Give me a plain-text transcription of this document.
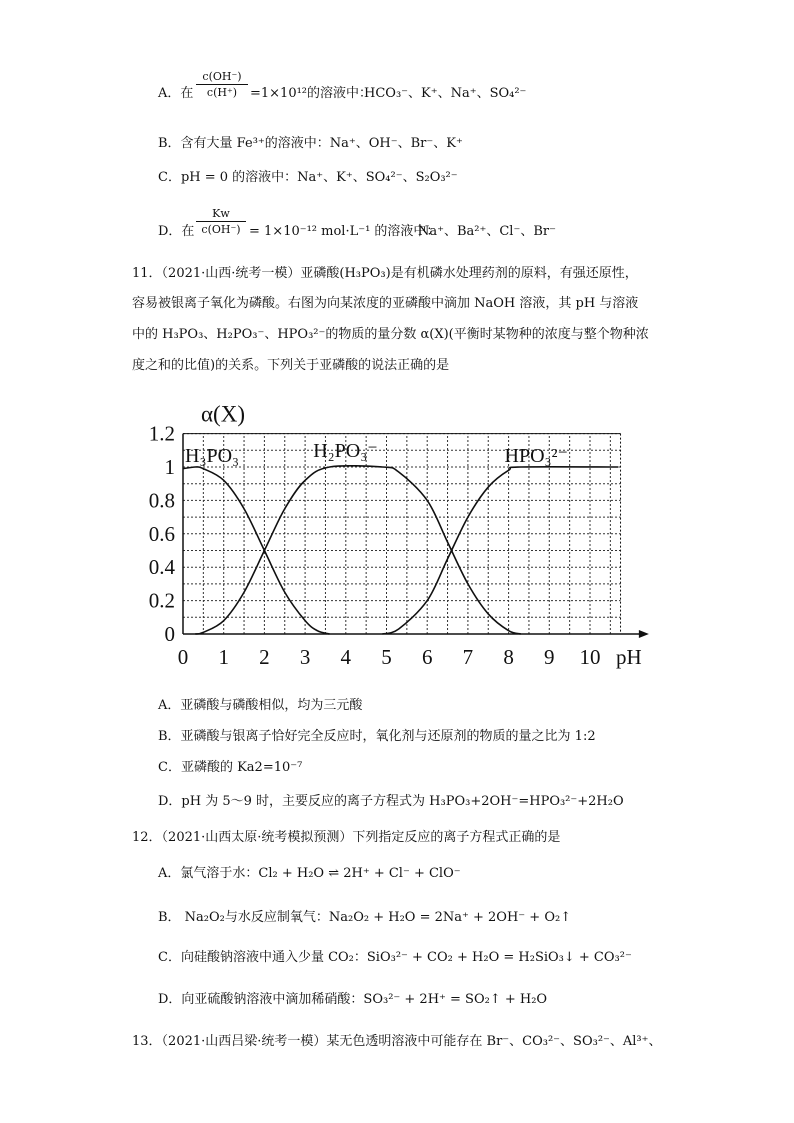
A．在
c(OH⁻)
c(H⁺) =1×10¹²的溶液中：
HCO₃⁻、K⁺、Na⁺、SO₄²⁻
B．含有大量 Fe³⁺的溶液中：Na⁺、OH⁻、Br⁻、K⁺
C．pH = 0 的溶液中：Na⁺、K⁺、SO₄²⁻、S₂O₃²⁻
D．在
Kw
c(OH⁻) = 1×10⁻¹² mol·L⁻¹ 的溶液中：
Na⁺、Ba²⁺、Cl⁻、Br⁻
11．（2021·山西·统考一模）亚磷酸(H₃PO₃)是有机磷水处理药剂的原料，有强还原性，
容易被银离子氧化为磷酸。右图为向某浓度的亚磷酸中滴加 NaOH 溶液，其 pH 与溶液
中的 H₃PO₃、H₂PO₃⁻、HPO₃²⁻的物质的量分数 α(X)(平衡时某物种的浓度与整个物种浓
度之和的比值)的关系。下列关于亚磷酸的说法正确的是
0 1 2 3 4 5 6 7 8 9 10
0
0.2
0.4
0.6
0.8
1
1.2
pH
α(X)
H₃PO₃	H₂PO₃⁻	HPO₃²⁻
A．亚磷酸与磷酸相似，均为三元酸
B．亚磷酸与银离子恰好完全反应时，氧化剂与还原剂的物质的量之比为 1:2
C．亚磷酸的 Ka2=10⁻⁷
D．pH 为 5～9 时，主要反应的离子方程式为 H₃PO₃+2OH⁻=HPO₃²⁻+2H₂O
12．（2021·山西太原·统考模拟预测）下列指定反应的离子方程式正确的是
A．氯气溶于水：Cl₂ + H₂O ⇌ 2H⁺ + Cl⁻ + ClO⁻
B． Na₂O₂与水反应制氧气：Na₂O₂ + H₂O = 2Na⁺ + 2OH⁻ + O₂↑
C．向硅酸钠溶液中通入少量 CO₂：SiO₃²⁻ + CO₂ + H₂O = H₂SiO₃↓ + CO₃²⁻
D．向亚硫酸钠溶液中滴加稀硝酸：SO₃²⁻ + 2H⁺ = SO₂↑ + H₂O
13．（2021·山西吕梁·统考一模）某无色透明溶液中可能存在 Br⁻、CO₃²⁻、SO₃²⁻、Al³⁺、
